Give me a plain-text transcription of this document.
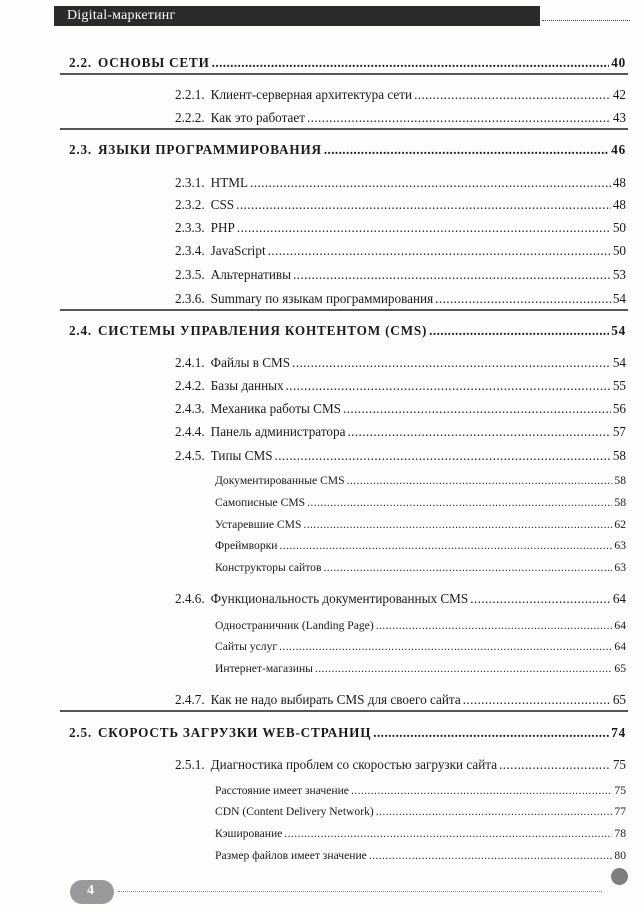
Digital-маркетинг
2.2. ОСНОВЫ СЕТИ .....	40
2.2.1. Клиент-серверная архитектура сети .....	42
2.2.2. Как это работает .....	43
2.3. ЯЗЫКИ ПРОГРАММИРОВАНИЯ .....	46
2.3.1. HTML .....	48
2.3.2. CSS .....	48
2.3.3. PHP .....	50
2.3.4. JavaScript .....	50
2.3.5. Альтернативы .....	53
2.3.6. Summary по языкам программирования .....	54
2.4. СИСТЕМЫ УПРАВЛЕНИЯ КОНТЕНТОМ (CMS) .....	54
2.4.1. Файлы в CMS .....	54
2.4.2. Базы данных .....	55
2.4.3. Механика работы CMS .....	56
2.4.4. Панель администратора .....	57
2.4.5. Типы CMS .....	58
Документированные CMS .....	58
Самописные CMS .....	58
Устаревшие CMS .....	62
Фреймворки .....	63
Конструкторы сайтов .....	63
2.4.6. Функциональность документированных CMS .....	64
Одностраничник (Landing Page) .....	64
Сайты услуг .....	64
Интернет-магазины .....	65
2.4.7. Как не надо выбирать CMS для своего сайта .....	65
2.5. СКОРОСТЬ ЗАГРУЗКИ WEB-СТРАНИЦ .....	74
2.5.1. Диагностика проблем со скоростью загрузки сайта .....	75
Расстояние имеет значение .....	75
CDN (Content Delivery Network) .....	77
Кэширование .....	78
Размер файлов имеет значение .....	80
4
